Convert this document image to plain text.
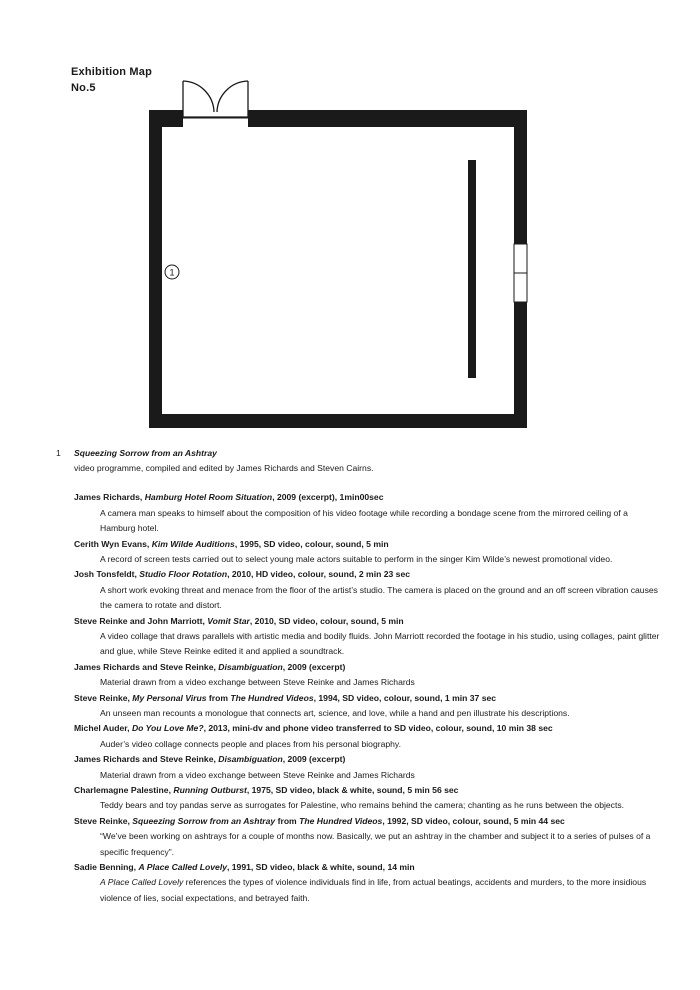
Exhibition Map
No.5
1
1 Squeezing Sorrow from an Ashtray
video programme, compiled and edited by James Richards and Steven Cairns.
James Richards, Hamburg Hotel Room Situation, 2009 (excerpt), 1min00sec
A camera man speaks to himself about the composition of his video footage while recording a bondage scene from the mirrored ceiling of a Hamburg hotel.
Cerith Wyn Evans, Kim Wilde Auditions, 1995, SD video, colour, sound, 5 min
A record of screen tests carried out to select young male actors suitable to perform in the singer Kim Wilde’s newest promotional video.
Josh Tonsfeldt, Studio Floor Rotation, 2010, HD video, colour, sound, 2 min 23 sec
A short work evoking threat and menace from the floor of the artist’s studio. The camera is placed on the ground and an off screen vibration causes the camera to rotate and distort.
Steve Reinke and John Marriott, Vomit Star, 2010, SD video, colour, sound, 5 min
A video collage that draws parallels with artistic media and bodily fluids. John Marriott recorded the footage in his studio, using collages, paint glitter and glue, while Steve Reinke edited it and applied a soundtrack.
James Richards and Steve Reinke, Disambiguation, 2009 (excerpt)
Material drawn from a video exchange between Steve Reinke and James Richards
Steve Reinke, My Personal Virus from The Hundred Videos, 1994, SD video, colour, sound, 1 min 37 sec
An unseen man recounts a monologue that connects art, science, and love, while a hand and pen illustrate his descriptions.
Michel Auder, Do You Love Me?, 2013, mini-dv and phone video transferred to SD video, colour, sound, 10 min 38 sec
Auder’s video collage connects people and places from his personal biography.
James Richards and Steve Reinke, Disambiguation, 2009 (excerpt)
Material drawn from a video exchange between Steve Reinke and James Richards
Charlemagne Palestine, Running Outburst, 1975, SD video, black & white, sound, 5 min 56 sec
Teddy bears and toy pandas serve as surrogates for Palestine, who remains behind the camera; chanting as he runs between the objects.
Steve Reinke, Squeezing Sorrow from an Ashtray from The Hundred Videos, 1992, SD video, colour, sound, 5 min 44 sec
“We’ve been working on ashtrays for a couple of months now. Basically, we put an ashtray in the chamber and subject it to a series of pulses of a specific frequency”.
Sadie Benning, A Place Called Lovely, 1991, SD video, black & white, sound, 14 min
A Place Called Lovely references the types of violence individuals find in life, from actual beatings, accidents and murders, to the more insidious violence of lies, social expectations, and betrayed faith.
